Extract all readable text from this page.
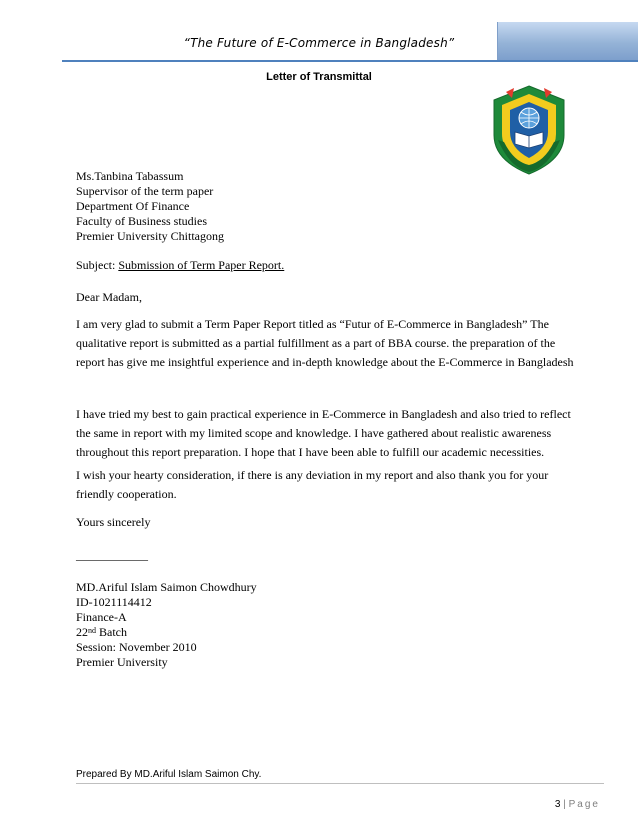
“The Future of E-Commerce in Bangladesh”
Letter of Transmittal
Ms.Tanbina Tabassum
Supervisor of the term paper
Department Of Finance
Faculty of Business studies
Premier University Chittagong
Subject: Submission of Term Paper Report.
Dear Madam,
I am very glad to submit a Term Paper Report titled as “Futur of E-Commerce in Bangladesh” The
qualitative report is submitted as a partial fulfillment as a part of BBA course. the preparation of the
report has give me insightful experience and in-depth knowledge about the E-Commerce in Bangladesh
I have tried my best to gain practical experience in E-Commerce in Bangladesh and also tried to reflect
the same in report with my limited scope and knowledge. I have gathered about realistic awareness
throughout this report preparation. I hope that I have been able to fulfill our academic necessities.
I wish your hearty consideration, if there is any deviation in my report and also thank you for your
friendly cooperation.
Yours sincerely
——————
MD.Ariful Islam Saimon Chowdhury
ID-1021114412
Finance-A
22nd Batch
Session: November 2010
Premier University
Prepared By MD.Ariful Islam Saimon Chy.
3 | Page
